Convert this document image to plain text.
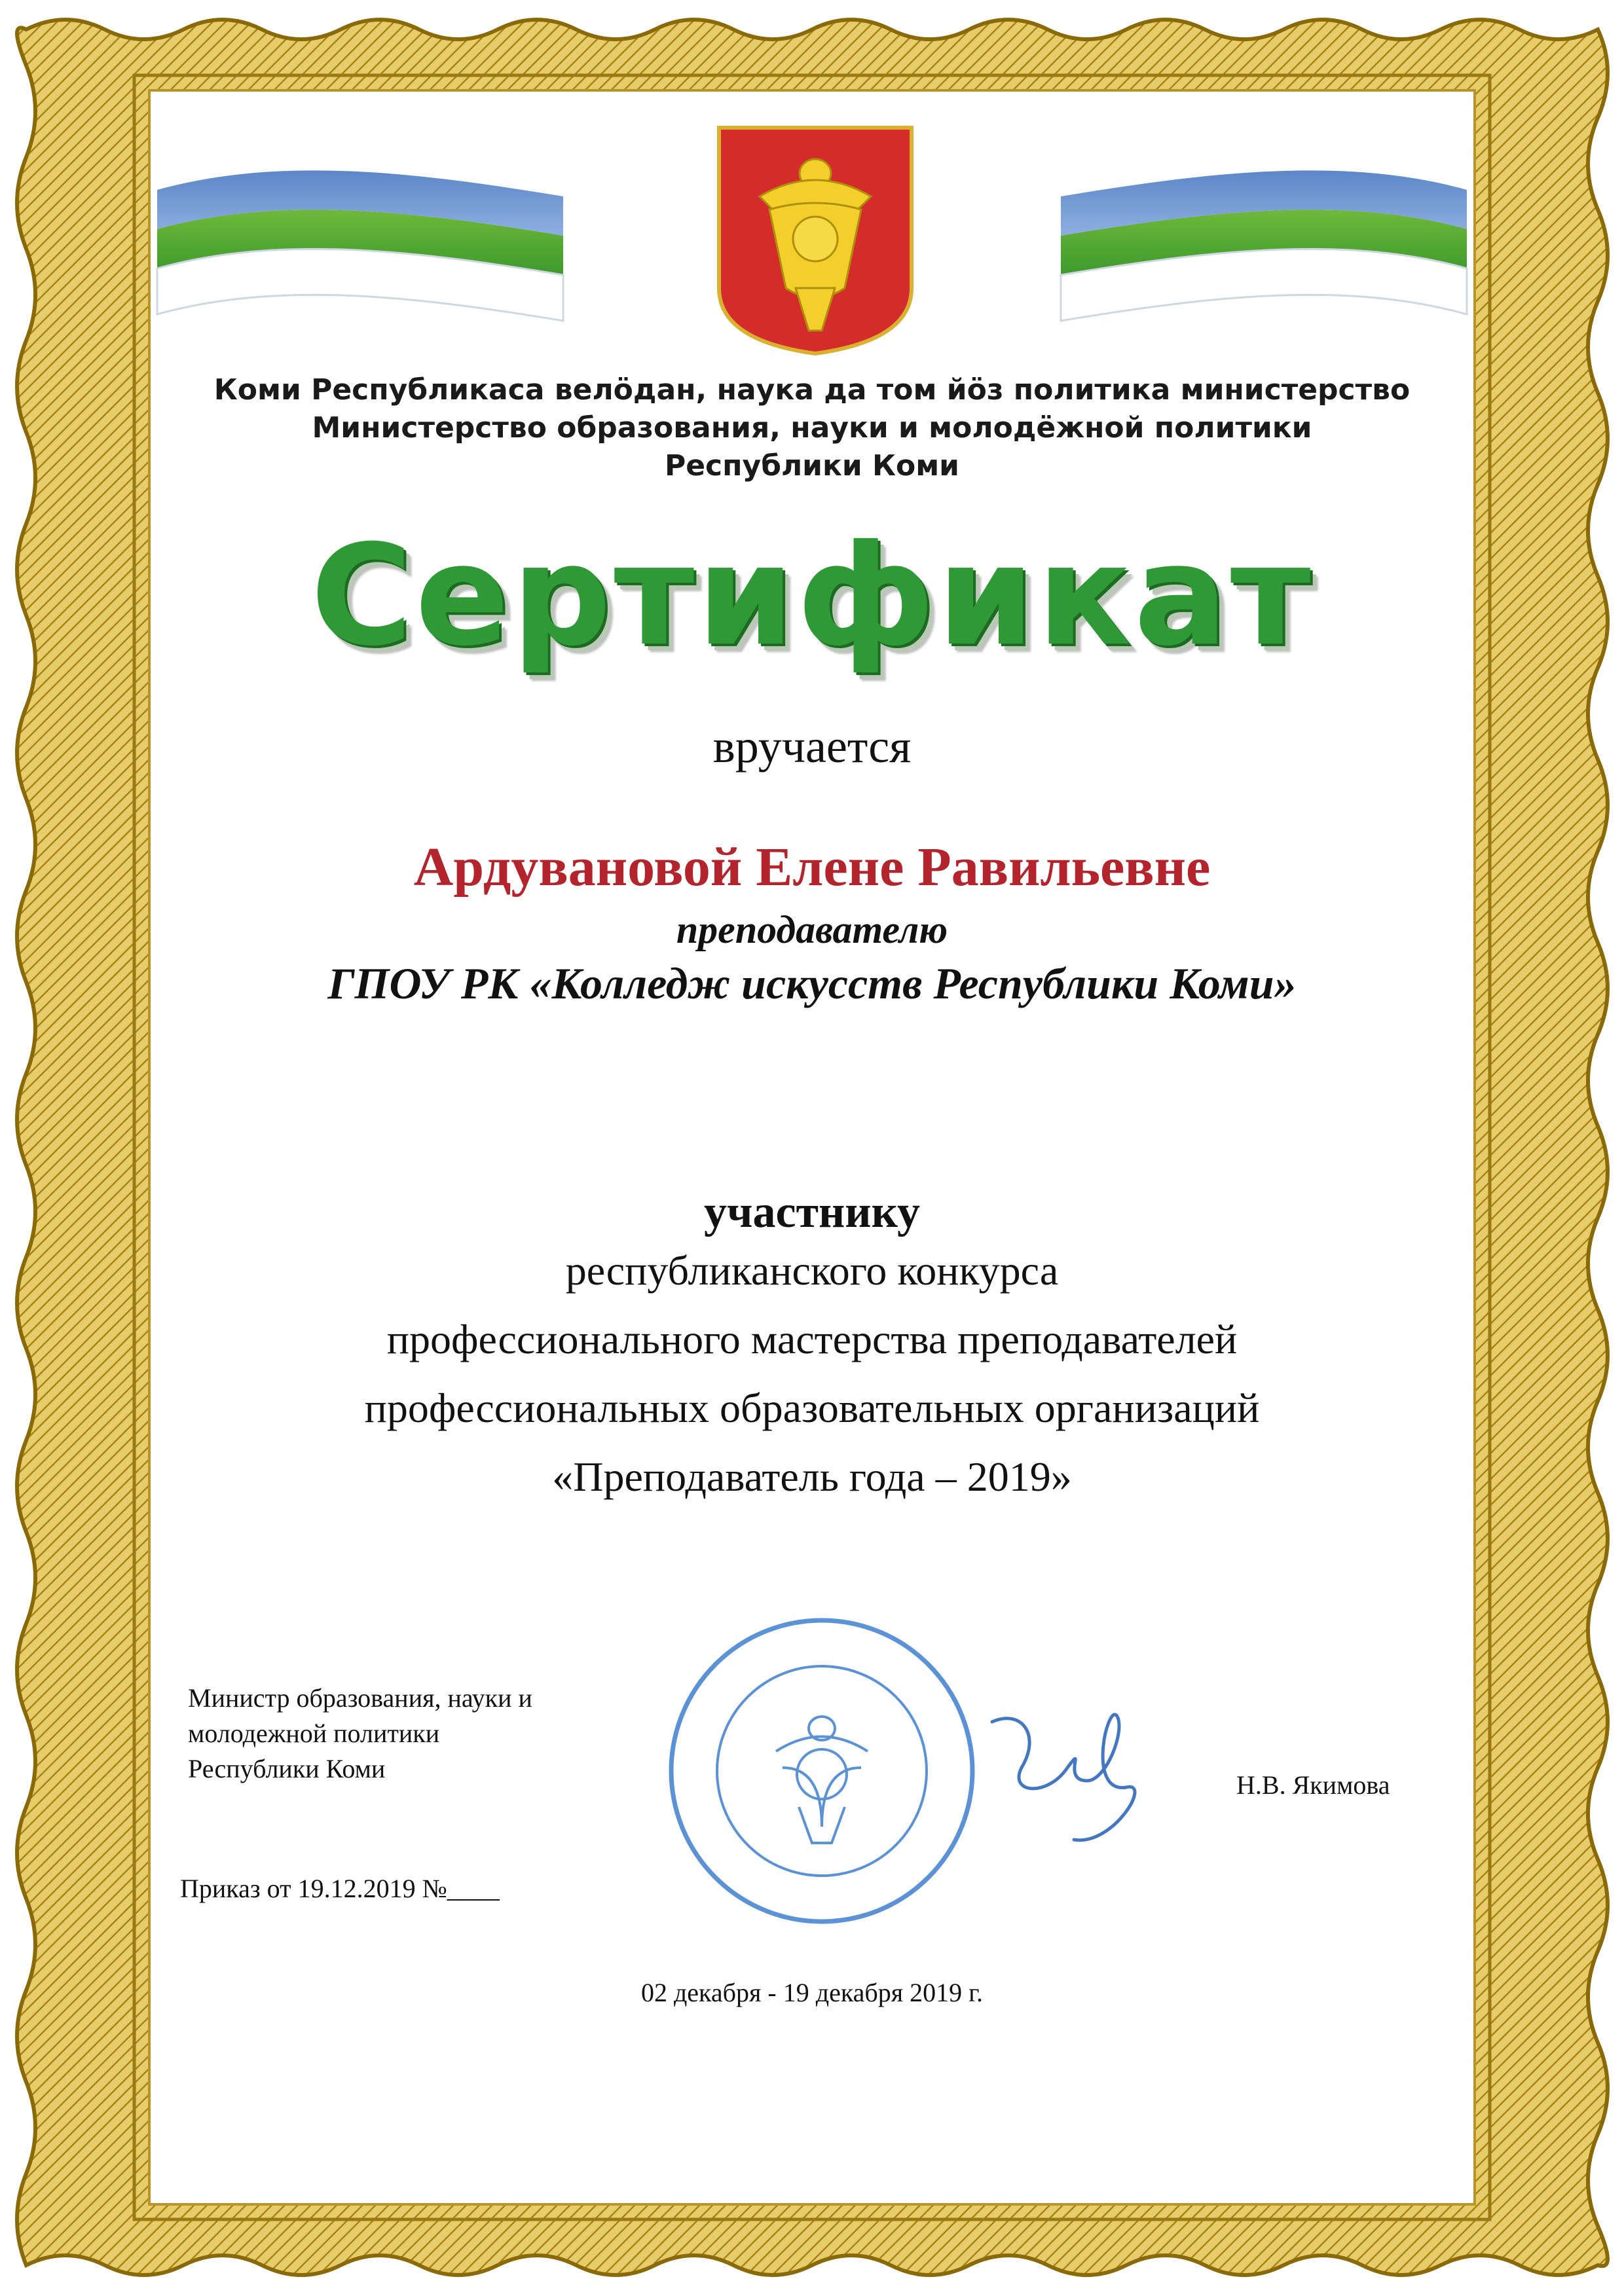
Коми Республикаса велӧдан, наука да том йӧз политика министерство

Министерство образования, науки и молодёжной политики

Республики Коми

Сертификат

вручается

Ардувановой Елене Равильевне

преподавателю

ГПОУ РК «Колледж искусств Республики Коми»

участнику

республиканского конкурса

профессионального мастерства преподавателей

профессиональных образовательных организаций

«Преподаватель года – 2019»

Министр образования, науки и

молодежной политики

Республики Коми

Н.В. Якимова

Приказ от 19.12.2019 №____

02 декабря - 19 декабря 2019 г.
